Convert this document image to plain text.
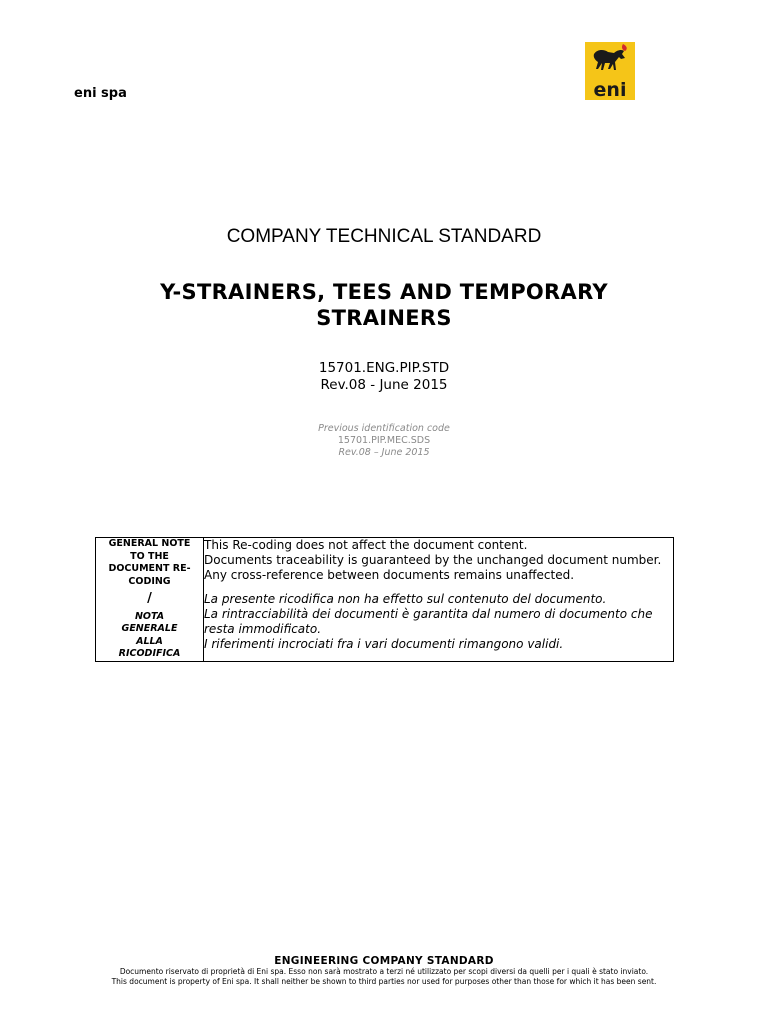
eni spa	eni
COMPANY TECHNICAL STANDARD
Y-STRAINERS, TEES AND TEMPORARY
STRAINERS
15701.ENG.PIP.STD
Rev.08 - June 2015
Previous identification code
15701.PIP.MEC.SDS
Rev.08 – June 2015
GENERAL NOTE
TO THE
DOCUMENT RE-
CODING
/
NOTA
GENERALE
ALLA
RICODIFICA

This Re-coding does not affect the document content.
Documents traceability is guaranteed by the unchanged document number.
Any cross-reference between documents remains unaffected.
La presente ricodifica non ha effetto sul contenuto del documento.
La rintracciabilità dei documenti è garantita dal numero di documento che resta immodificato.
I riferimenti incrociati fra i vari documenti rimangono validi.
ENGINEERING COMPANY STANDARD
Documento riservato di proprietà di Eni spa. Esso non sarà mostrato a terzi né utilizzato per scopi diversi da quelli per i quali è stato inviato.
This document is property of Eni spa. It shall neither be shown to third parties nor used for purposes other than those for which it has been sent.
